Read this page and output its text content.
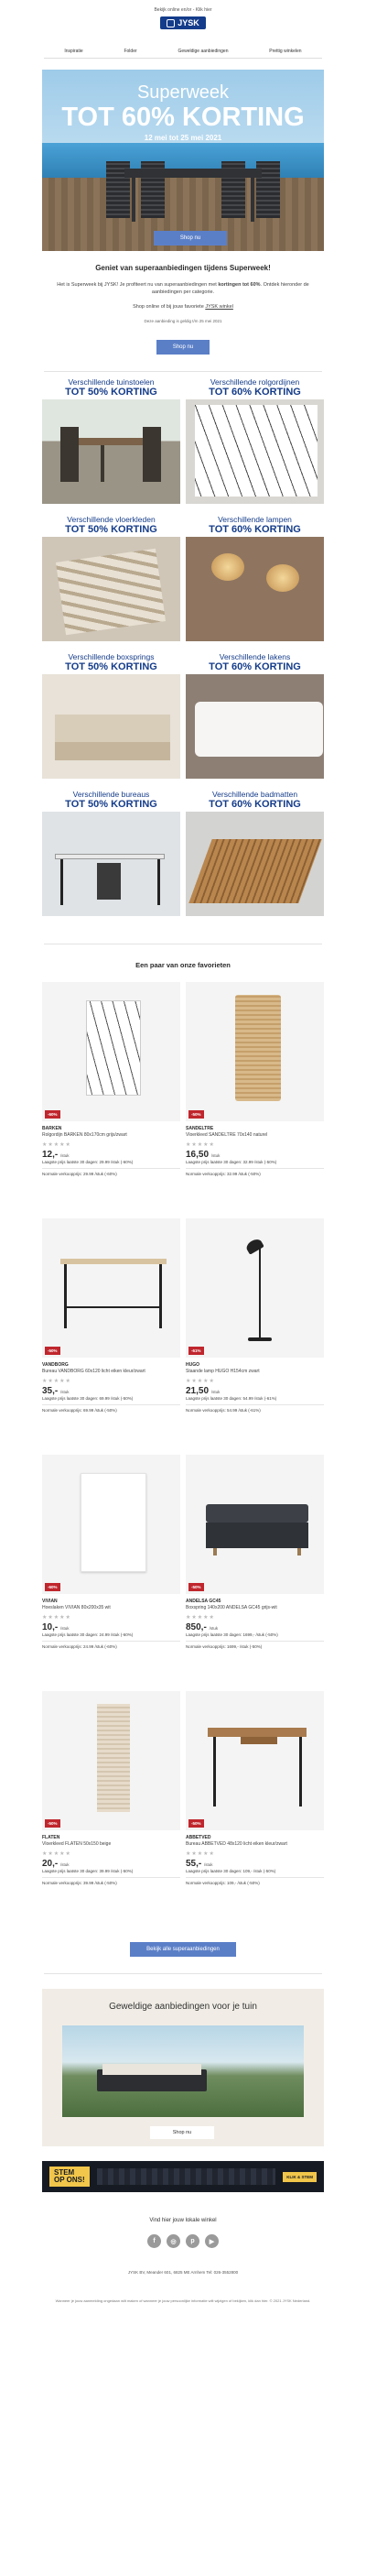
Bekijk online en/or - Klik hier
JYSK
Inspiratie	Folder	Geweldige aanbiedingen	Prettig winkelen
Superweek
TOT 60% KORTING
12 mei tot 25 mei 2021
Shop nu
Geniet van superaanbiedingen tijdens Superweek!

Het is Superweek bij JYSK! Je profiteert nu van superaanbiedingen met kortingen tot 60%. Ontdek hieronder de aanbiedingen per categorie.

Shop online of bij jouw favoriete JYSK winkel

Deze aanbieding is geldig t/m 25 mei 2021

Shop nu
Verschillende tuinstoelen
TOT 50% KORTING
Verschillende rolgordijnen
TOT 60% KORTING
Verschillende vloerkleden
TOT 50% KORTING
Verschillende lampen
TOT 60% KORTING
Verschillende boxsprings
TOT 50% KORTING
Verschillende lakens
TOT 60% KORTING
Verschillende bureaus
TOT 50% KORTING
Verschillende badmatten
TOT 60% KORTING
Een paar van onze favorieten
-60%
BARKEN
Rolgordijn BARKEN 80x170cm grijs/zwart
★★★★★
12,- /stuk
Laagste prijs laatste 30 dagen: 29.99 /stuk (-60%)
Normale verkoopprijs: 29.99 /stuk (-60%)
-50%
SANDELTRE
Vloerkleed SANDELTRE 70x140 naturel
★★★★★
16,50 /stuk
Laagste prijs laatste 30 dagen: 32.99 /stuk (-50%)
Normale verkoopprijs: 32.99 /stuk (-50%)
-50%
VANDBORG
Bureau VANDBORG 60x120 licht eiken kleur/zwart
★★★★★
35,- /stuk
Laagste prijs laatste 30 dagen: 69.99 /stuk (-50%)
Normale verkoopprijs: 69.99 /stuk (-50%)
-61%
HUGO
Staande lamp HUGO H154cm zwart
★★★★★
21,50 /stuk
Laagste prijs laatste 30 dagen: 54.99 /stuk (-61%)
Normale verkoopprijs: 54.99 /stuk (-61%)
-60%
VIVIAN
Hoeslaken VIVIAN 80x200x35 wit
★★★★★
10,- /stuk
Laagste prijs laatste 30 dagen: 24.99 /stuk (-60%)
Normale verkoopprijs: 24.99 /stuk (-60%)
-50%
ANDELSA GC45
Boxspring 140x200 ANDELSA GC45 grijs-wit
★★★★★
850,- /stuk
Laagste prijs laatste 30 dagen: 1699,- /stuk (-50%)
Normale verkoopprijs: 1699,- /stuk (-50%)
-50%
FLATEN
Vloerkleed FLATEN 50x150 beige
★★★★★
20,- /stuk
Laagste prijs laatste 30 dagen: 39.99 /stuk (-50%)
Normale verkoopprijs: 39.99 /stuk (-50%)
-50%
ABBETVED
Bureau ABBETVED 48x120 licht eiken kleur/zwart
★★★★★
55,- /stuk
Laagste prijs laatste 30 dagen: 109,- /stuk (-50%)
Normale verkoopprijs: 109,- /stuk (-50%)
Bekijk alle superaanbiedingen
Geweldige aanbiedingen voor je tuin
Shop nu
STEM
OP ONS!	KLIK & STEM
Vind hier jouw lokale winkel
f	◎	p	▶
JYSK BV, Meander 601, 6825 ME Arnhem Tel: 026-3552800
Wanneer je jouw aanmelding ongedaan wilt maken of wanneer je jouw persoonlijke informatie wilt wijzigen of bekijken, klik dan hier. © 2021 JYSK Nederland.
